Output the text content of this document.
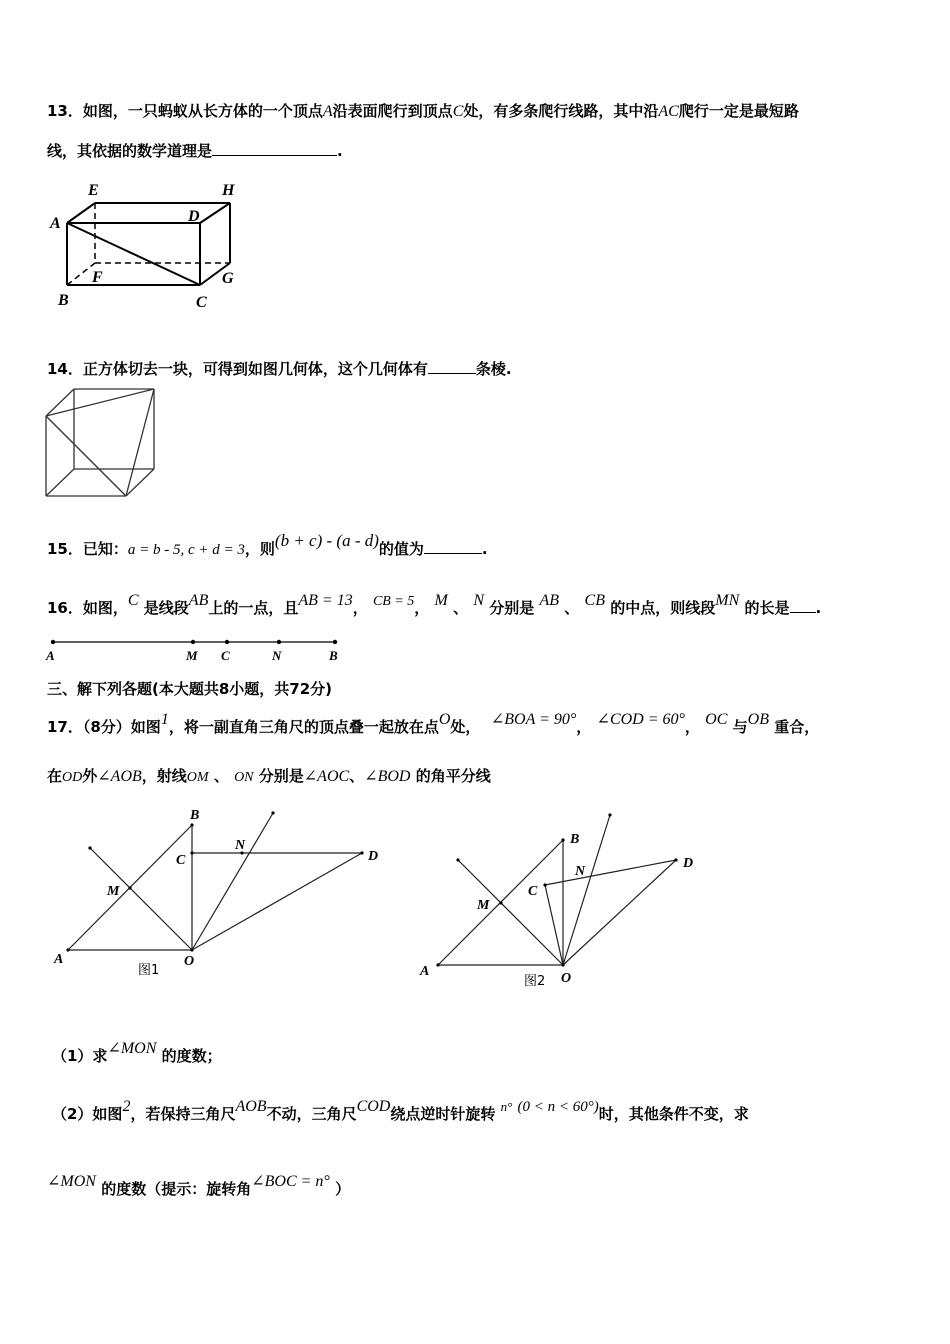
13．如图，一只蚂蚁从长方体的一个顶点A沿表面爬行到顶点C处，有多条爬行线路，其中沿AC爬行一定是最短路
线，其依据的数学道理是	.
E	H
A	D
F	G
B	C
14．正方体切去一块，可得到如图几何体，这个几何体有	条棱.
15．已知：a = b - 5, c + d = 3，则(b + c) - (a - d)的值为	.
16．如图，C 是线段AB上的一点，且AB = 13， CB = 5， M 、 N 分别是 AB 、 CB 的中点，则线段MN 的长是 .
A	M C	N	B
三、解下列各题(本大题共8小题，共72分)
17．（8分）如图1，将一副直角三角尺的顶点叠一起放在点O处， ∠BOA = 90°， ∠COD = 60°， OC 与OB 重合，
在OD外∠AOB，射线OM 、 ON 分别是∠AOC、∠BOD 的角平分线
B
C
N
D
M
A	O
图1
B
N
D
C
M
A	O
图2
（1）求∠MON 的度数；
（2）如图2，若保持三角尺AOB不动，三角尺COD绕点逆时针旋转 n° (0 < n < 60°)时，其他条件不变，求
∠MON 的度数（提示：旋转角∠BOC = n° ）
